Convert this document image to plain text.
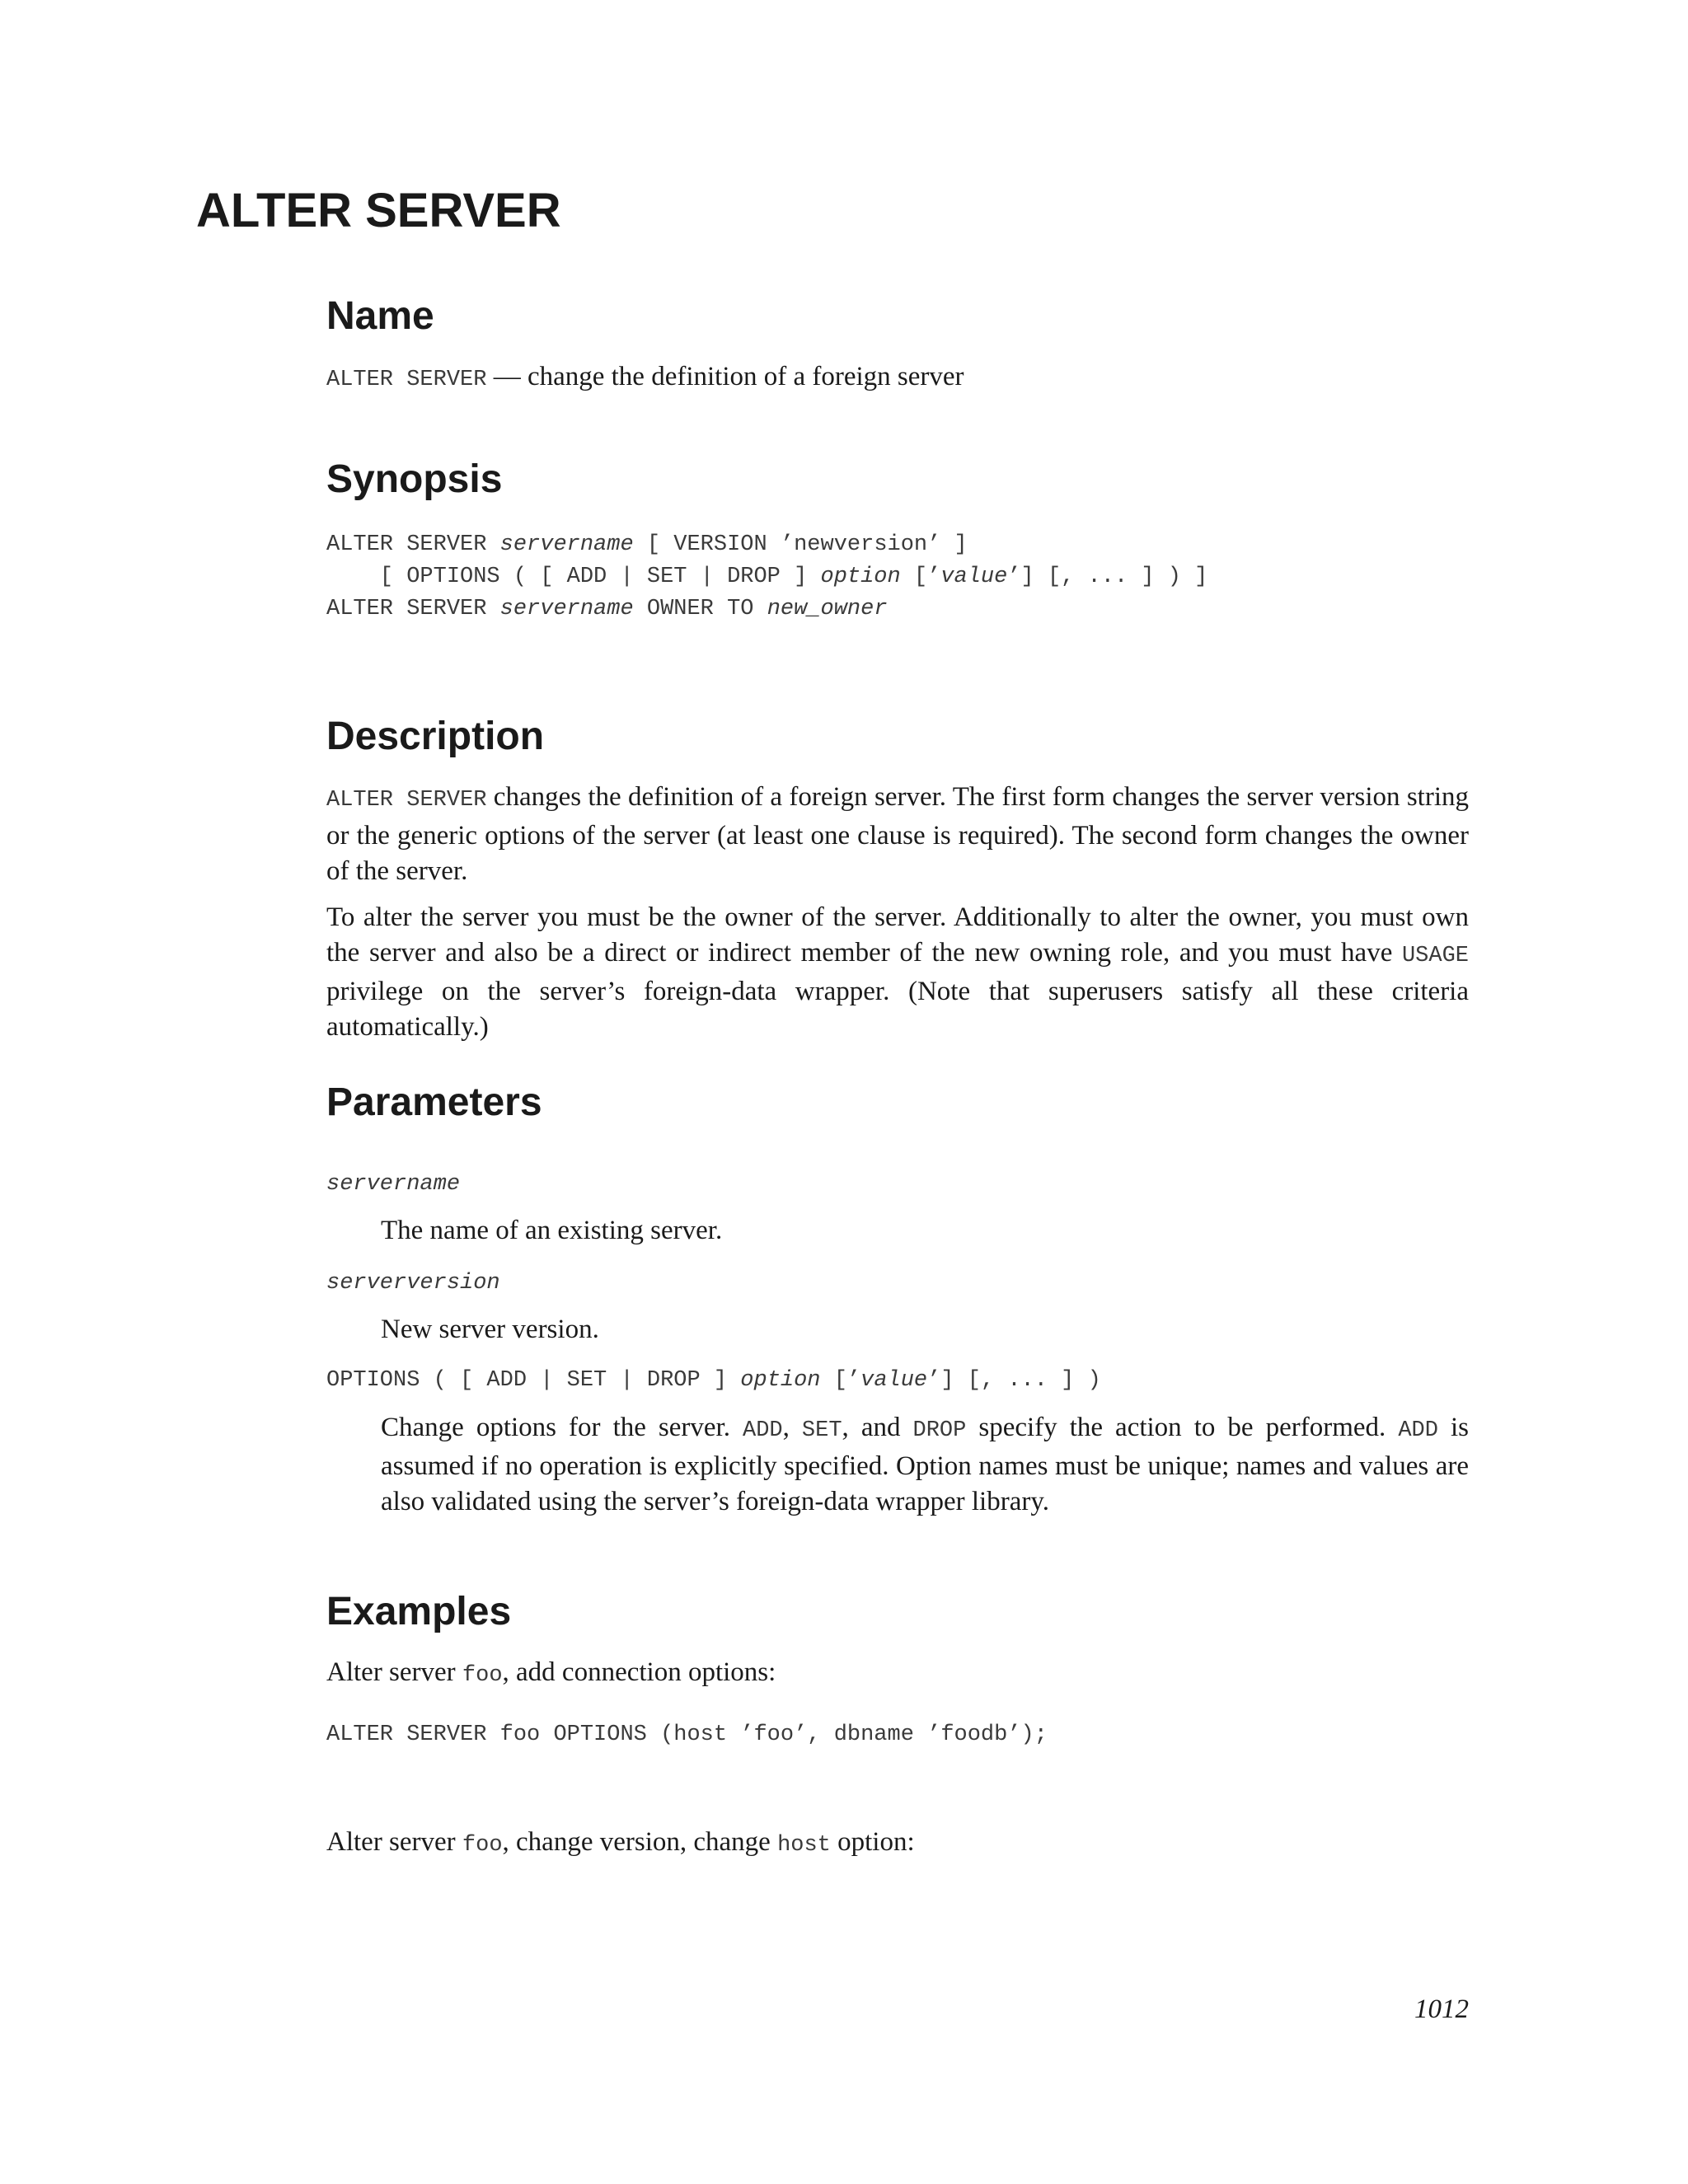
ALTER SERVER
Name

ALTER SERVER — change the definition of a foreign server

Synopsis
ALTER SERVER servername [ VERSION ’newversion’ ]
[ OPTIONS ( [ ADD | SET | DROP ] option [’value’] [, ... ] ) ]
ALTER SERVER servername OWNER TO new_owner
Description

ALTER SERVER changes the definition of a foreign server. The first form changes the server version string or the generic options of the server (at least one clause is required). The second form changes the owner of the server.

To alter the server you must be the owner of the server. Additionally to alter the owner, you must own the server and also be a direct or indirect member of the new owning role, and you must have USAGE privilege on the server’s foreign-data wrapper. (Note that superusers satisfy all these criteria automatically.)

Parameters
servername

The name of an existing server.

serverversion

New server version.

OPTIONS ( [ ADD | SET | DROP ] option [’value’] [, ... ] )

Change options for the server. ADD, SET, and DROP specify the action to be performed. ADD is assumed if no operation is explicitly specified. Option names must be unique; names and values are also validated using the server’s foreign-data wrapper library.

Examples

Alter server foo, add connection options:

ALTER SERVER foo OPTIONS (host ’foo’, dbname ’foodb’);

Alter server foo, change version, change host option:

1012
